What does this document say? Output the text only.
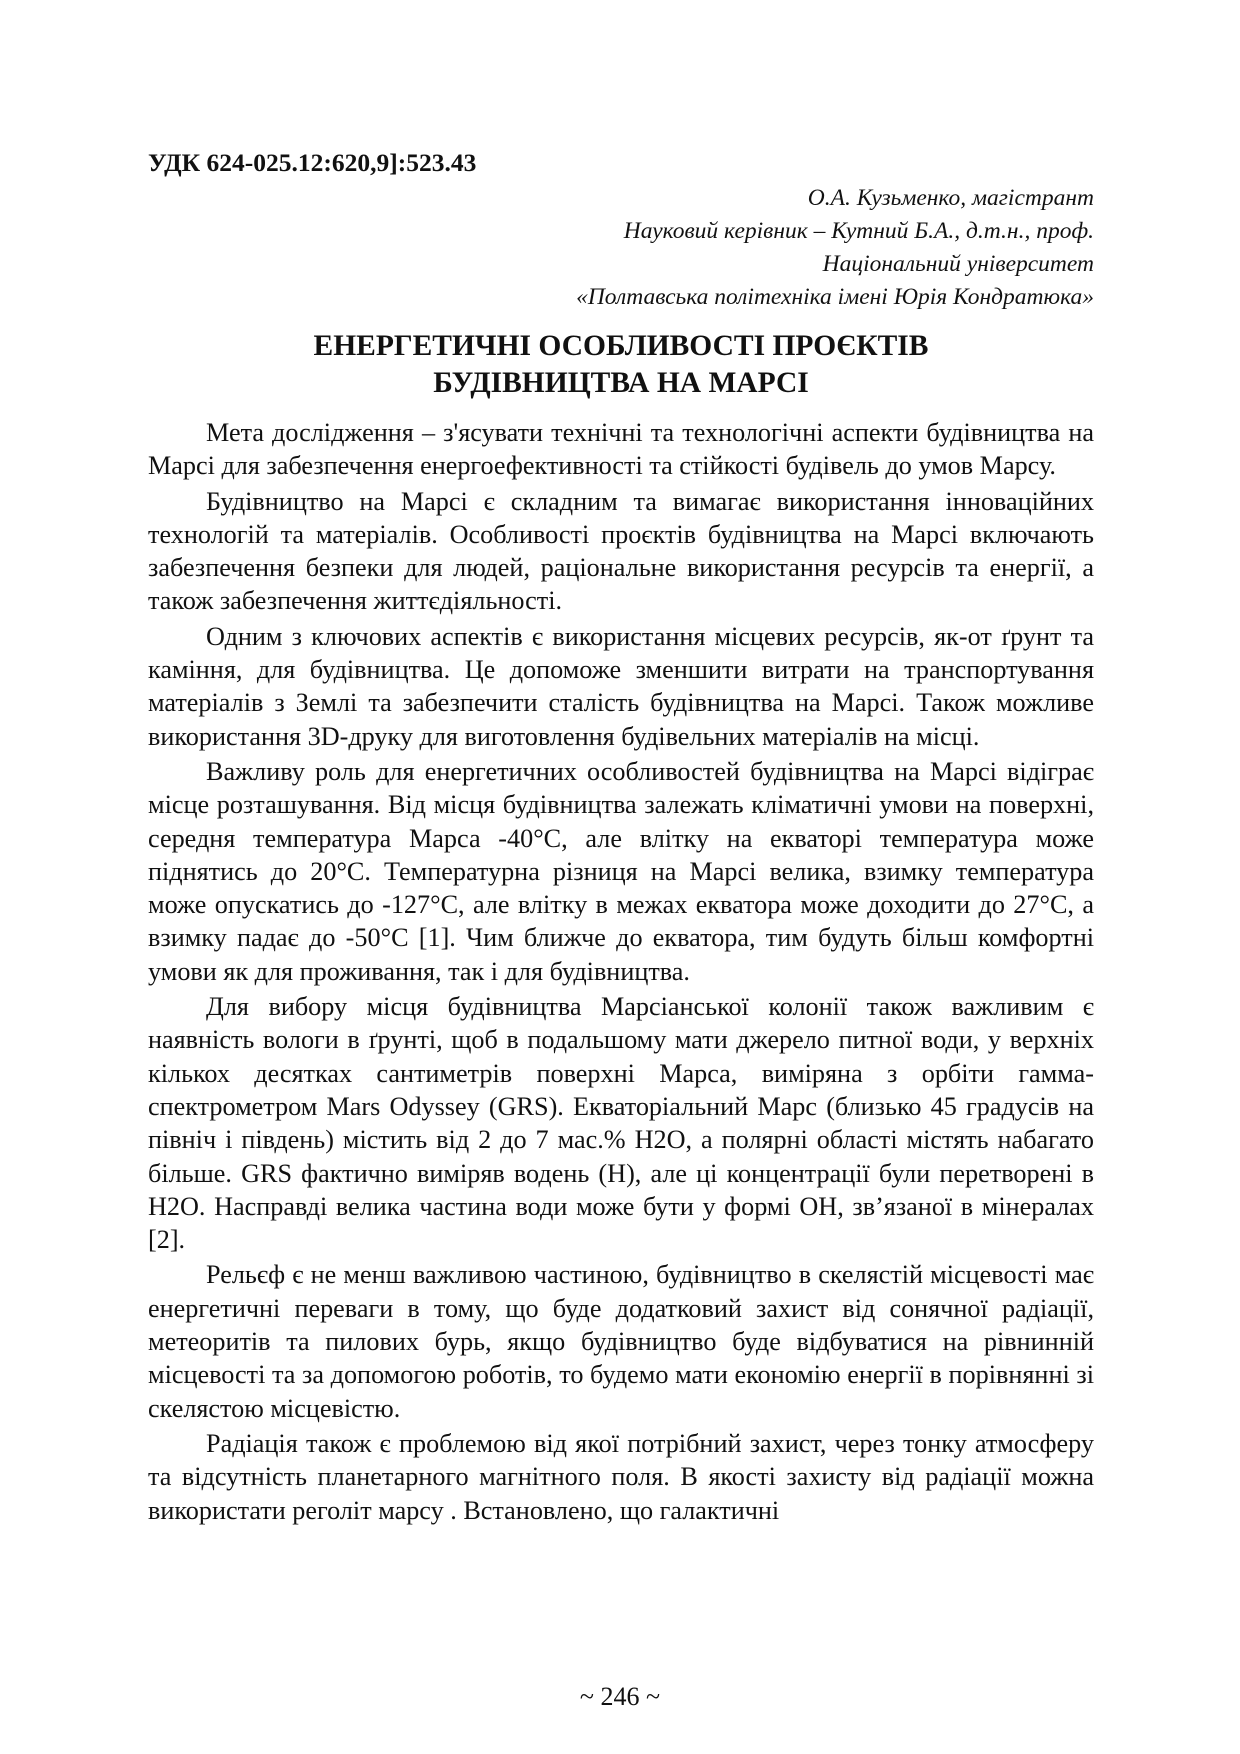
УДК 624-025.12:620,9]:523.43
О.А. Кузьменко, магістрант
Науковий керівник – Кутний Б.А., д.т.н., проф.
Національний університет
«Полтавська політехніка імені Юрія Кондратюка»
ЕНЕРГЕТИЧНІ ОСОБЛИВОСТІ ПРОЄКТІВ
БУДІВНИЦТВА НА МАРСІ

Мета дослідження – з'ясувати технічні та технологічні аспекти будівництва на Марсі для забезпечення енергоефективності та стійкості будівель до умов Марсу.

Будівництво на Марсі є складним та вимагає використання інноваційних технологій та матеріалів. Особливості проєктів будівництва на Марсі включають забезпечення безпеки для людей, раціональне використання ресурсів та енергії, а також забезпечення життєдіяльності.

Одним з ключових аспектів є використання місцевих ресурсів, як-от ґрунт та каміння, для будівництва. Це допоможе зменшити витрати на транспортування матеріалів з Землі та забезпечити сталість будівництва на Марсі. Також можливе використання 3D-друку для виготовлення будівельних матеріалів на місці.

Важливу роль для енергетичних особливостей будівництва на Марсі відіграє місце розташування. Від місця будівництва залежать кліматичні умови на поверхні, середня температура Марса -40°C, але влітку на екваторі температура може піднятись до 20°C. Температурна різниця на Марсі велика, взимку температура може опускатись до -127°C, але влітку в межах екватора може доходити до 27°C, а взимку падає до -50°C [1]. Чим ближче до екватора, тим будуть більш комфортні умови як для проживання, так і для будівництва.

Для вибору місця будівництва Марсіанської колонії також важливим є наявність вологи в ґрунті, щоб в подальшому мати джерело питної води, у верхніх кількох десятках сантиметрів поверхні Марса, виміряна з орбіти гамма-спектрометром Mars Odyssey (GRS). Екваторіальний Марс (близько 45 градусів на північ і південь) містить від 2 до 7 мас.% H2O, а полярні області містять набагато більше. GRS фактично виміряв водень (H), але ці концентрації були перетворені в H2O. Насправді велика частина води може бути у формі OH, зв’язаної в мінералах [2].

Рельєф є не менш важливою частиною, будівництво в скелястій місцевості має енергетичні переваги в тому, що буде додатковий захист від сонячної радіації, метеоритів та пилових бурь, якщо будівництво буде відбуватися на рівнинній місцевості та за допомогою роботів, то будемо мати економію енергії в порівнянні зі скелястою місцевістю.

Радіація також є проблемою від якої потрібний захист, через тонку атмосферу та відсутність планетарного магнітного поля. В якості захисту від радіації можна використати реголіт марсу . Встановлено, що галактичні

~ 246 ~
